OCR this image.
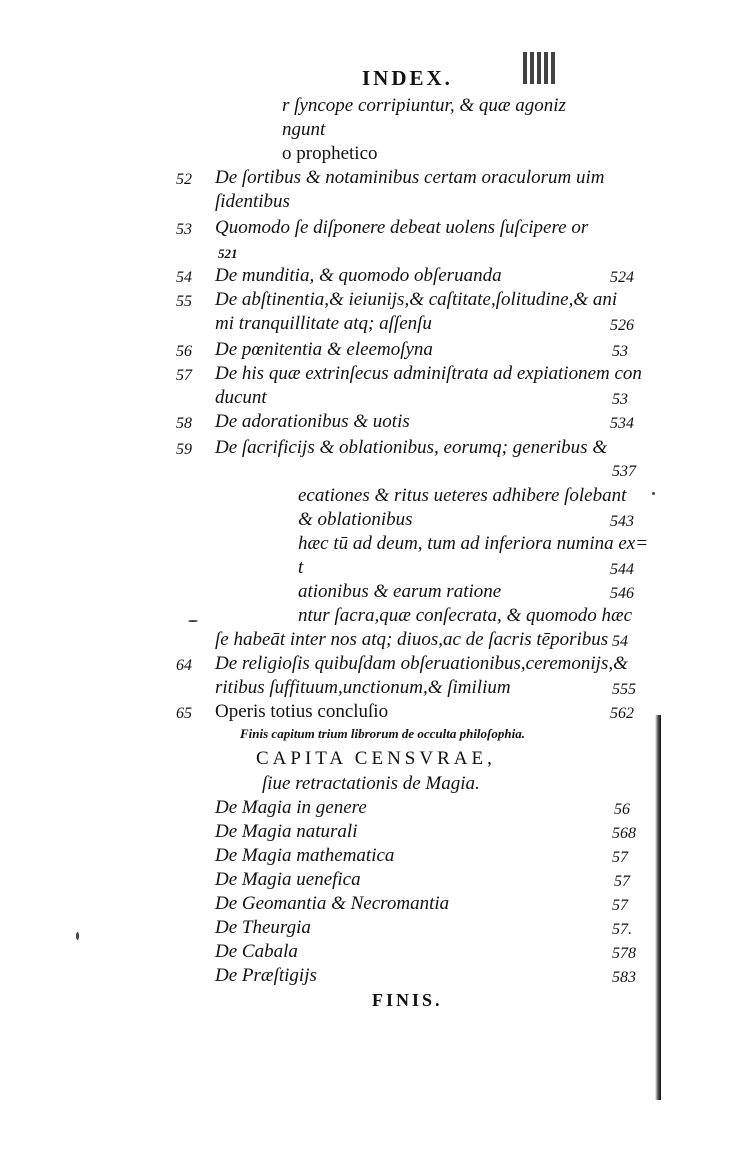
INDEX.
r ſyncope corripiuntur, & quæ agoniz
ngunt
o prophetico
52 De ſortibus & notaminibus certam oraculorum uim
ſidentibus
53 Quomodo ſe diſponere debeat uolens ſuſcipere or
521
54 De munditia, & quomodo obſeruanda	524
55 De abſtinentia,& ieiunijs,& caſtitate,ſolitudine,& ani
mi tranquillitate atq; aſſenſu	526
56 De pœnitentia & eleemoſyna	53
57 De his quæ extrinſecus adminiſtrata ad expiationem con
ducunt	53
58 De adorationibus & uotis	534
59 De ſacrificijs & oblationibus, eorumq; generibus &
537
ecationes & ritus ueteres adhibere ſolebant
& oblationibus	543
hæc tū ad deum, tum ad inferiora numina ex=
t	544
ationibus & earum ratione	546
ntur ſacra,quæ conſecrata, & quomodo hæc
ſe habeāt inter nos atq; diuos,ac de ſacris tēporibus 54
64 De religioſis quibuſdam obſeruationibus,ceremonijs,&
ritibus ſuffituum,unctionum,& ſimilium	555
65 Operis totius concluſio	562
Finis capitum trium librorum de occulta philoſophia.
CAPITA CENSVRAE,
ſiue retractationis de Magia.
De Magia in genere	56
De Magia naturali	568
De Magia mathematica	57
De Magia uenefica	57
De Geomantia & Necromantia	57
De Theurgia	57.
De Cabala	578
De Præſtigijs	583
FINIS.
